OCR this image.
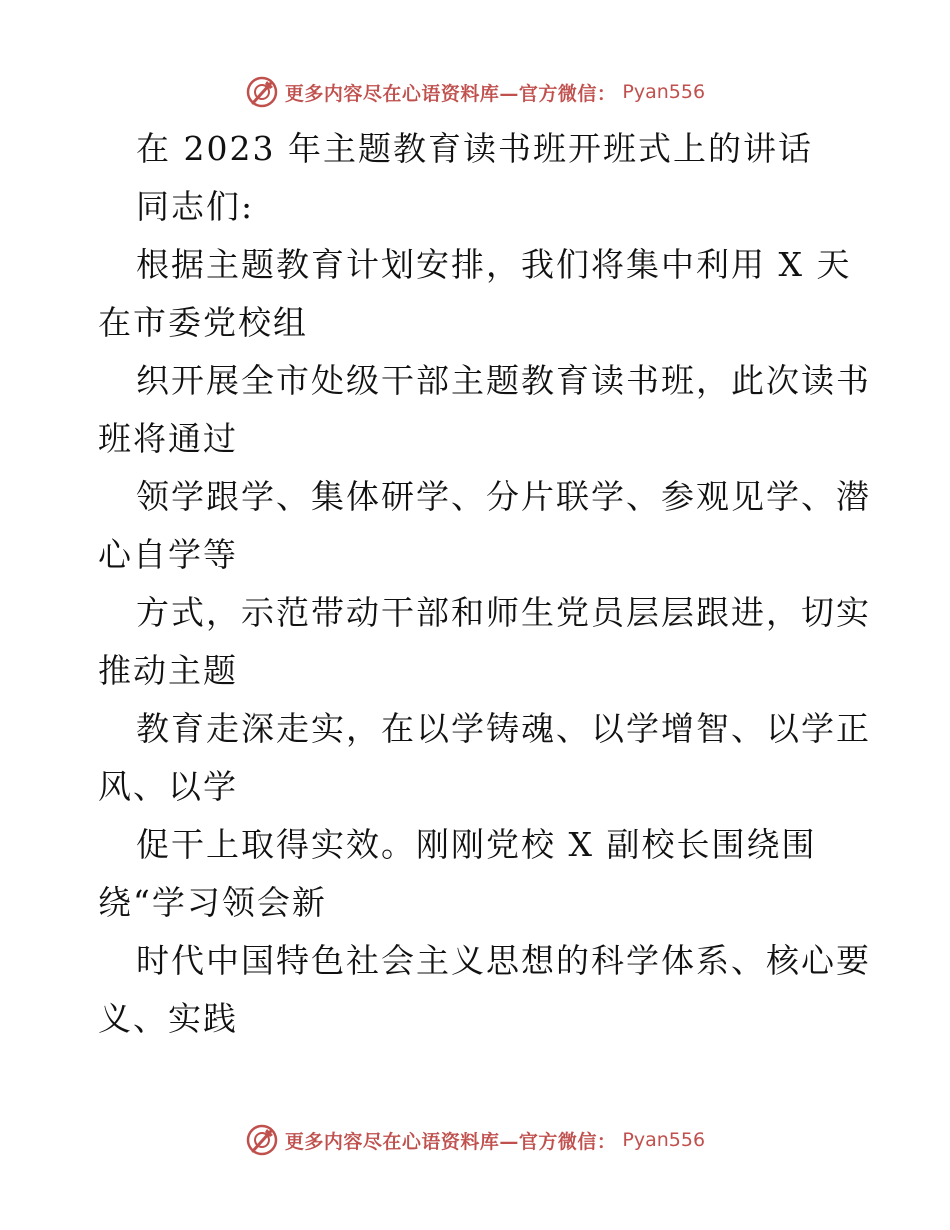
更多内容尽在心语资料库—官方微信： Pyan556
在 2023 年主题教育读书班开班式上的讲话
同志们:
根据主题教育计划安排，我们将集中利用 X 天
在市委党校组
织开展全市处级干部主题教育读书班，此次读书
班将通过
领学跟学、集体研学、分片联学、参观见学、潜
心自学等
方式，示范带动干部和师生党员层层跟进，切实
推动主题
教育走深走实，在以学铸魂、以学增智、以学正
风、以学
促干上取得实效。刚刚党校 X 副校长围绕围
绕“学习领会新
时代中国特色社会主义思想的科学体系、核心要
义、实践
更多内容尽在心语资料库—官方微信： Pyan556
